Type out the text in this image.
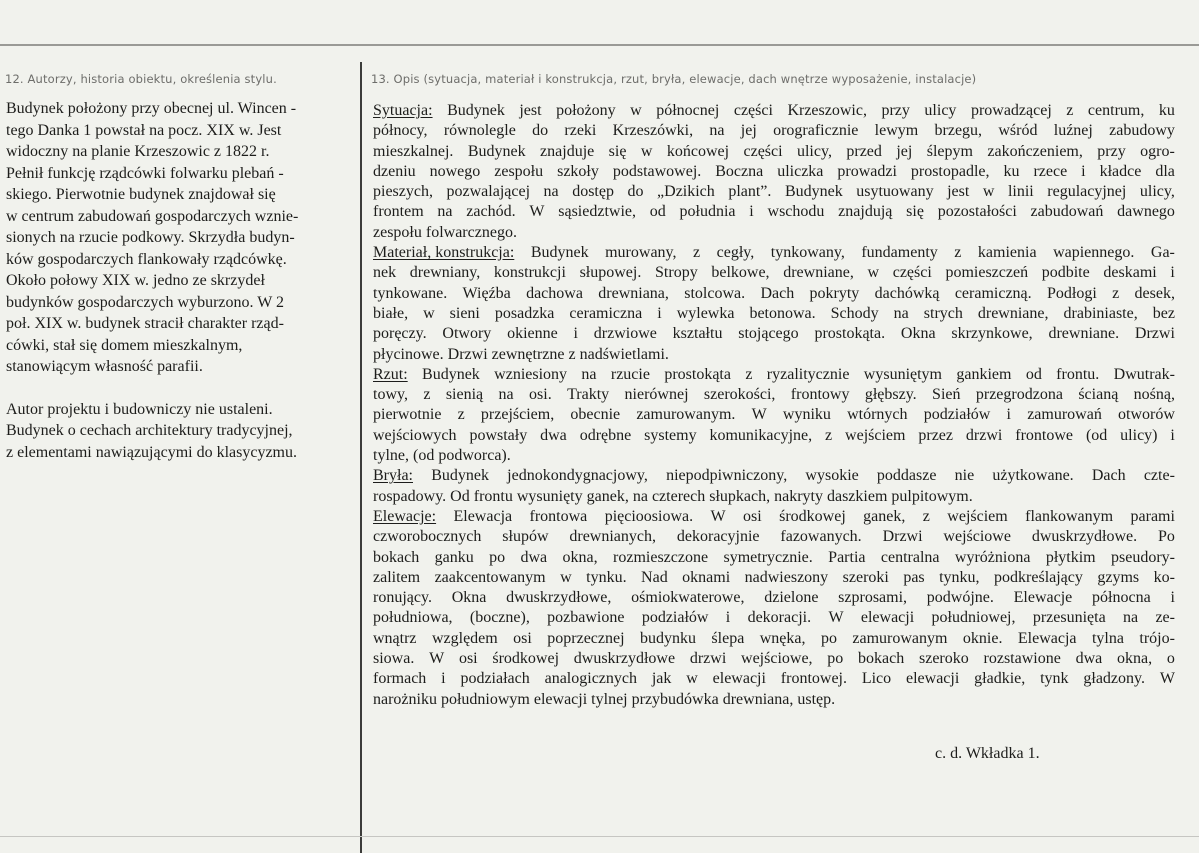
12. Autorzy, historia obiektu, określenia stylu.	13. Opis (sytuacja, materiał i konstrukcja, rzut, bryła, elewacje, dach wnętrze wyposażenie, instalacje)
Budynek położony przy obecnej ul. Wincen -
tego Danka 1 powstał na pocz. XIX w. Jest
widoczny na planie Krzeszowic z 1822 r.
Pełnił funkcję rządcówki folwarku plebań -
skiego. Pierwotnie budynek znajdował się
w centrum zabudowań gospodarczych wznie-
sionych na rzucie podkowy. Skrzydła budyn-
ków gospodarczych flankowały rządcówkę.
Około połowy XIX w. jedno ze skrzydeł
budynków gospodarczych wyburzono. W 2
poł. XIX w. budynek stracił charakter rząd-
cówki, stał się domem mieszkalnym,
stanowiącym własność parafii.
Autor projektu i budowniczy nie ustaleni.
Budynek o cechach architektury tradycyjnej,
z elementami nawiązującymi do klasycyzmu.
Sytuacja: Budynek jest położony w północnej części Krzeszowic, przy ulicy prowadzącej z centrum, ku
północy, równolegle do rzeki Krzeszówki, na jej orograficznie lewym brzegu, wśród luźnej zabudowy
mieszkalnej. Budynek znajduje się w końcowej części ulicy, przed jej ślepym zakończeniem, przy ogro-
dzeniu nowego zespołu szkoły podstawowej. Boczna uliczka prowadzi prostopadle, ku rzece i kładce dla
pieszych, pozwalającej na dostęp do „Dzikich plant”. Budynek usytuowany jest w linii regulacyjnej ulicy,
frontem na zachód. W sąsiedztwie, od południa i wschodu znajdują się pozostałości zabudowań dawnego
zespołu folwarcznego.
Materiał, konstrukcja: Budynek murowany, z cegły, tynkowany, fundamenty z kamienia wapiennego. Ga-
nek drewniany, konstrukcji słupowej. Stropy belkowe, drewniane, w części pomieszczeń podbite deskami i
tynkowane. Więźba dachowa drewniana, stolcowa. Dach pokryty dachówką ceramiczną. Podłogi z desek,
białe, w sieni posadzka ceramiczna i wylewka betonowa. Schody na strych drewniane, drabiniaste, bez
poręczy. Otwory okienne i drzwiowe kształtu stojącego prostokąta. Okna skrzynkowe, drewniane. Drzwi
płycinowe. Drzwi zewnętrzne z nadświetlami.
Rzut: Budynek wzniesiony na rzucie prostokąta z ryzalitycznie wysuniętym gankiem od frontu. Dwutrak-
towy, z sienią na osi. Trakty nierównej szerokości, frontowy głębszy. Sień przegrodzona ścianą nośną,
pierwotnie z przejściem, obecnie zamurowanym. W wyniku wtórnych podziałów i zamurowań otworów
wejściowych powstały dwa odrębne systemy komunikacyjne, z wejściem przez drzwi frontowe (od ulicy) i
tylne, (od podworca).
Bryła: Budynek jednokondygnacjowy, niepodpiwniczony, wysokie poddasze nie użytkowane. Dach czte-
rospadowy. Od frontu wysunięty ganek, na czterech słupkach, nakryty daszkiem pulpitowym.
Elewacje: Elewacja frontowa pięcioosiowa. W osi środkowej ganek, z wejściem flankowanym parami
czworobocznych słupów drewnianych, dekoracyjnie fazowanych. Drzwi wejściowe dwuskrzydłowe. Po
bokach ganku po dwa okna, rozmieszczone symetrycznie. Partia centralna wyróżniona płytkim pseudory-
zalitem zaakcentowanym w tynku. Nad oknami nadwieszony szeroki pas tynku, podkreślający gzyms ko-
ronujący. Okna dwuskrzydłowe, ośmiokwaterowe, dzielone szprosami, podwójne. Elewacje północna i
południowa, (boczne), pozbawione podziałów i dekoracji. W elewacji południowej, przesunięta na ze-
wnątrz względem osi poprzecznej budynku ślepa wnęka, po zamurowanym oknie. Elewacja tylna trójo-
siowa. W osi środkowej dwuskrzydłowe drzwi wejściowe, po bokach szeroko rozstawione dwa okna, o
formach i podziałach analogicznych jak w elewacji frontowej. Lico elewacji gładkie, tynk gładzony. W
narożniku południowym elewacji tylnej przybudówka drewniana, ustęp.
c. d. Wkładka 1.
